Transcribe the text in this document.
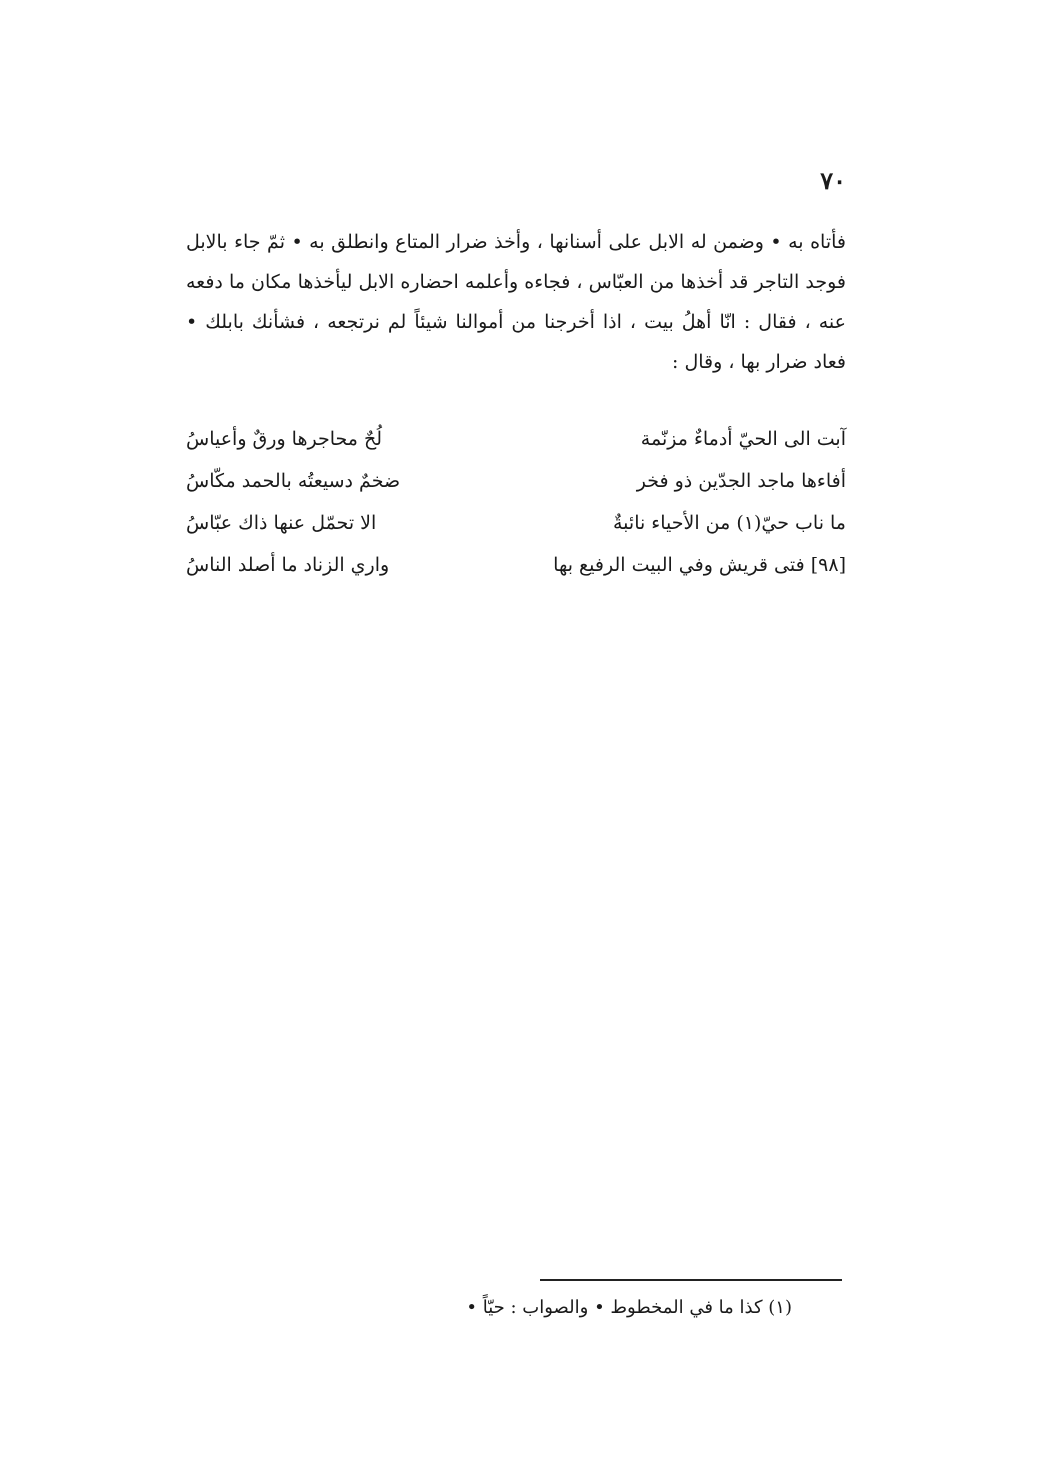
٧٠

فأتاه به • وضمن له الابل على أسنانها ، وأخذ ضرار المتاع وانطلق به • ثمّ جاء بالابل فوجد التاجر قد أخذها من العبّاس ، فجاءه وأعلمه احضاره الابل ليأخذها مكان ما دفعه عنه ، فقال : انّا أهلُ بيت ، اذا أخرجنا من أموالنا شيئاً لم نرتجعه ، فشأنك بابلك • فعاد ضرار بها ، وقال :

آبت الى الحيّ أدماءٌ مزنّمة
لُحٌ محاجرها ورقٌ وأعياسُ
أفاءها ماجد الجدّين ذو فخر
ضخمٌ دسيعتُه بالحمد مكّاسُ
ما ناب حيّ(١) من الأحياء نائبةٌ
الا تحمّل عنها ذاك عبّاسُ
[٩٨] فتى قريش وفي البيت الرفيع بها
واري الزناد ما أصلد الناسُ
(١) كذا ما في المخطوط • والصواب : حيّاً •
